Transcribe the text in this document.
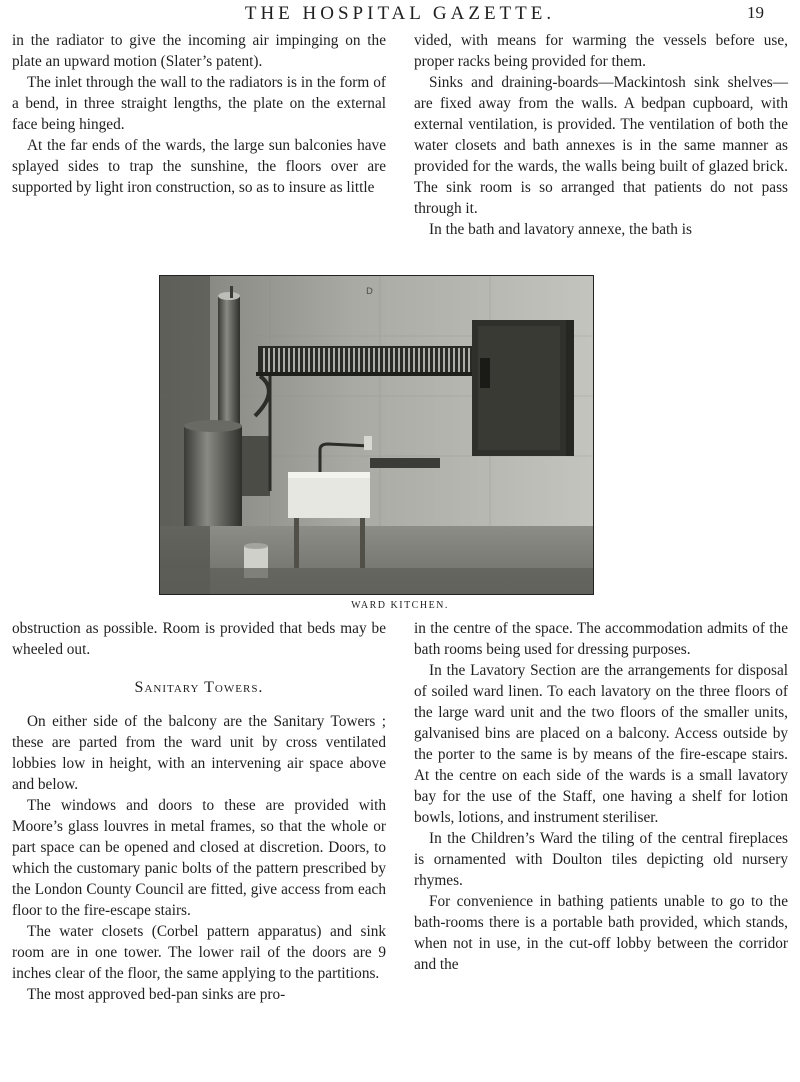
THE HOSPITAL GAZETTE.	19

in the radiator to give the incoming air impinging on the plate an upward motion (Slater’s patent).

The inlet through the wall to the radiators is in the form of a bend, in three straight lengths, the plate on the external face being hinged.

At the far ends of the wards, the large sun balconies have splayed sides to trap the sunshine, the floors over are supported by light iron construction, so as to insure as little

vided, with means for warming the vessels before use, proper racks being provided for them.

Sinks and draining-boards—Mackintosh sink shelves—are fixed away from the walls. A bedpan cupboard, with external ventilation, is provided. The ventilation of both the water closets and bath annexes is in the same manner as provided for the wards, the walls being built of glazed brick. The sink room is so arranged that patients do not pass through it.

In the bath and lavatory annexe, the bath is

D
WARD KITCHEN.

obstruction as possible. Room is provided that beds may be wheeled out.

Sanitary Towers.

On either side of the balcony are the Sanitary Towers ; these are parted from the ward unit by cross ventilated lobbies low in height, with an intervening air space above and below.

The windows and doors to these are provided with Moore’s glass louvres in metal frames, so that the whole or part space can be opened and closed at discretion. Doors, to which the customary panic bolts of the pattern prescribed by the London County Council are fitted, give access from each floor to the fire-escape stairs.

The water closets (Corbel pattern apparatus) and sink room are in one tower. The lower rail of the doors are 9 inches clear of the floor, the same applying to the partitions.

The most approved bed-pan sinks are pro-

in the centre of the space. The accommodation admits of the bath rooms being used for dressing purposes.

In the Lavatory Section are the arrangements for disposal of soiled ward linen. To each lavatory on the three floors of the large ward unit and the two floors of the smaller units, galvanised bins are placed on a balcony. Access outside by the porter to the same is by means of the fire-escape stairs. At the centre on each side of the wards is a small lavatory bay for the use of the Staff, one having a shelf for lotion bowls, lotions, and instrument steriliser.

In the Children’s Ward the tiling of the central fireplaces is ornamented with Doulton tiles depicting old nursery rhymes.

For convenience in bathing patients unable to go to the bath-rooms there is a portable bath provided, which stands, when not in use, in the cut-off lobby between the corridor and the
